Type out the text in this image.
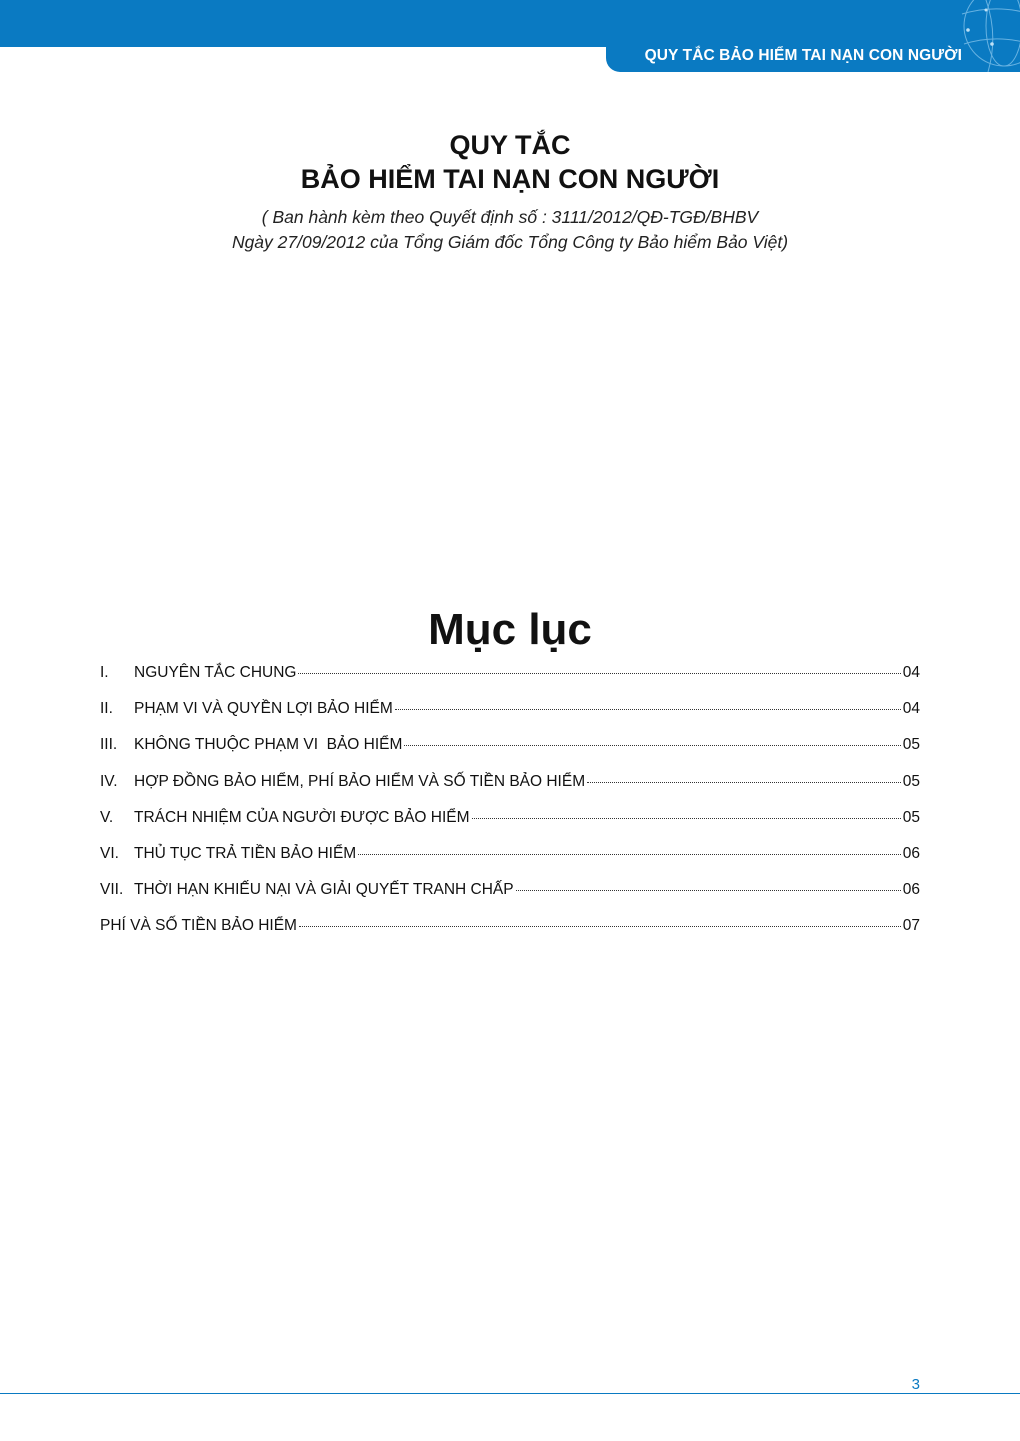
QUY TẮC BẢO HIỂM TAI NẠN CON NGƯỜI
QUY TẮC
BẢO HIỂM TAI NẠN CON NGƯỜI
( Ban hành kèm theo Quyết định số : 3111/2012/QĐ-TGĐ/BHBV
Ngày 27/09/2012 của Tổng Giám đốc Tổng Công ty Bảo hiểm Bảo Việt)
Mục lục
I.	NGUYÊN TẮC CHUNG	04
II.	PHẠM VI VÀ QUYỀN LỢI BẢO HIỂM	04
III.	KHÔNG THUỘC PHẠM VI  BẢO HIỂM	05
IV.	HỢP ĐỒNG BẢO HIỂM, PHÍ BẢO HIỂM VÀ SỐ TIỀN BẢO HIỂM	05
V.	TRÁCH NHIỆM CỦA NGƯỜI ĐƯỢC BẢO HIỂM	05
VI. THỦ TỤC TRẢ TIỀN BẢO HIỂM	06
VII. THỜI HẠN KHIẾU NẠI VÀ GIẢI QUYẾT TRANH CHẤP	06
PHÍ VÀ SỐ TIỀN BẢO HIỂM	07
3
